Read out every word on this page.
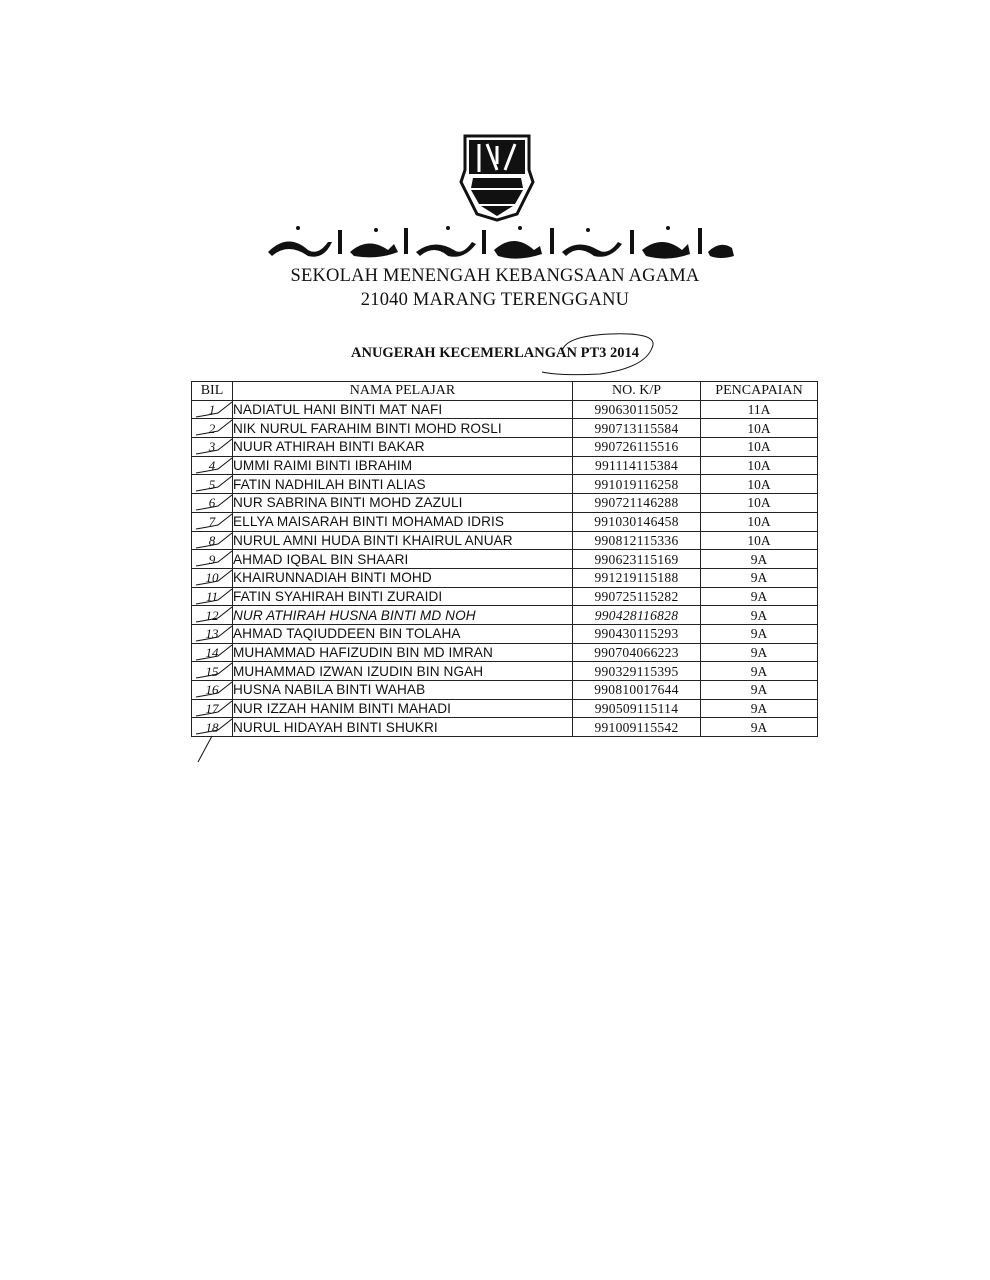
SEKOLAH MENENGAH KEBANGSAAN AGAMA
21040 MARANG TERENGGANU
ANUGERAH KECEMERLANGAN PT3 2014
BIL	NAMA PELAJAR	NO. K/P	PENCAPAIAN
1	NADIATUL HANI BINTI MAT NAFI	990630115052	11A
2	NIK NURUL FARAHIM BINTI MOHD ROSLI	990713115584	10A
3	NUUR ATHIRAH BINTI BAKAR	990726115516	10A
4	UMMI RAIMI BINTI IBRAHIM	991114115384	10A
5	FATIN NADHILAH BINTI ALIAS	991019116258	10A
6	NUR SABRINA BINTI MOHD ZAZULI	990721146288	10A
7	ELLYA MAISARAH BINTI MOHAMAD IDRIS	991030146458	10A
8	NURUL AMNI HUDA BINTI KHAIRUL ANUAR	990812115336	10A
9	AHMAD IQBAL BIN SHAARI	990623115169	9A
10	KHAIRUNNADIAH BINTI MOHD	991219115188	9A
11	FATIN SYAHIRAH BINTI ZURAIDI	990725115282	9A
12	NUR ATHIRAH HUSNA BINTI MD NOH	990428116828	9A
13	AHMAD TAQIUDDEEN BIN TOLAHA	990430115293	9A
14	MUHAMMAD HAFIZUDIN BIN MD IMRAN	990704066223	9A
15	MUHAMMAD IZWAN IZUDIN BIN NGAH	990329115395	9A
16	HUSNA NABILA BINTI WAHAB	990810017644	9A
17	NUR IZZAH HANIM BINTI MAHADI	990509115114	9A
18	NURUL HIDAYAH BINTI SHUKRI	991009115542	9A
